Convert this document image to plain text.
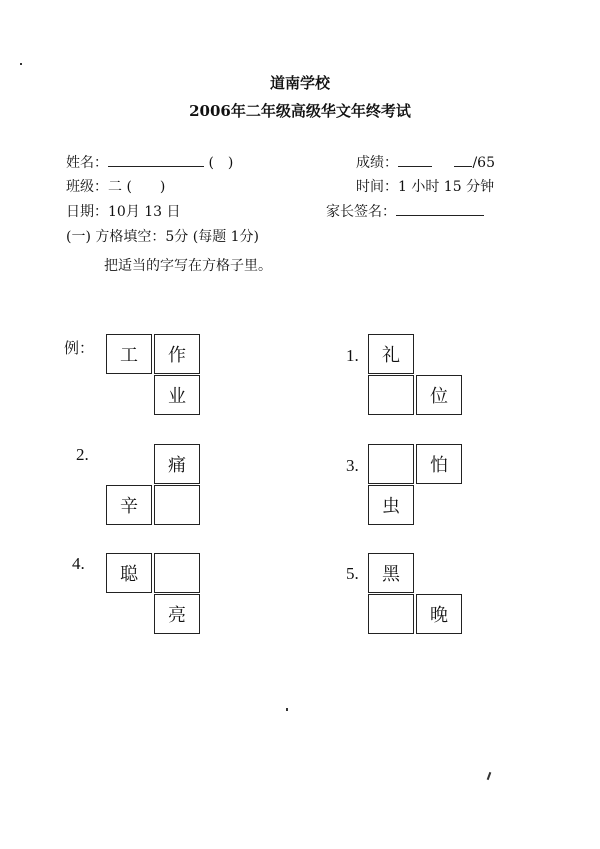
道南学校
2006年二年级高级华文年终考试
姓名：	(　)	成绩：	/65
班级：二 (　　)	时间：1 小时 15 分钟
日期：10月 13 日	家长签名：
(一) 方格填空：5分 (每题 1分)
把适当的字写在方格子里。
例：	工	作
业
1.	礼
位
2.
痛
辛
3.	怕
虫
4.
聪
亮
5.	黑
晚
